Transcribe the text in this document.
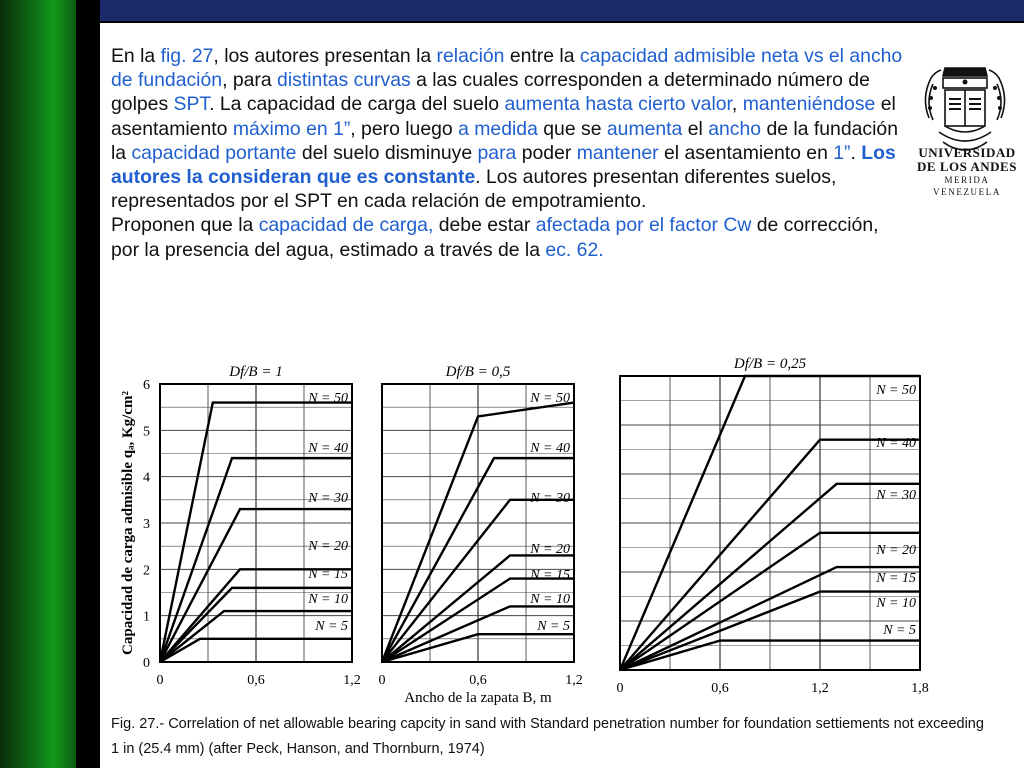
En la fig. 27, los autores presentan la relación entre la capacidad admisible neta vs el ancho de fundación, para distintas curvas a las cuales corresponden a determinado número de golpes SPT. La capacidad de carga del suelo aumenta hasta cierto valor, manteniéndose el asentamiento máximo en 1”, pero luego a medida que se aumenta el ancho de la fundación la capacidad portante del suelo disminuye para poder mantener el asentamiento en 1”. Los autores la consideran que es constante. Los autores presentan diferentes suelos, representados por el SPT en cada relación de empotramiento.

Proponen que la capacidad de carga, debe estar afectada por el factor Cw de corrección, por la presencia del agua, estimado a través de la ec. 62.

UNIVERSIDAD
DE LOS ANDES
MERIDA VENEZUELA
Df/B = 1
N = 50
N = 40
N = 30
N = 20
N = 15
N = 10
N = 5
0	0,6	1,2
0
1
2
3
4
5
6
Capacidad de carga admisible qₐ, Kg/cm²
Df/B = 0,5
N = 50
N = 40
N = 30
N = 20
N = 15
N = 10
N = 5
0	0,6	1,2
Ancho de la zapata B, m
Df/B = 0,25
N = 50
N = 40
N = 30
N = 20
N = 15
N = 10
N = 5
0	0,6	1,2	1,8
Fig. 27.- Correlation of net allowable bearing capcity in sand with Standard penetration number for foundation settiements not exceeding 1 in (25.4 mm) (after Peck, Hanson, and Thornburn, 1974)
